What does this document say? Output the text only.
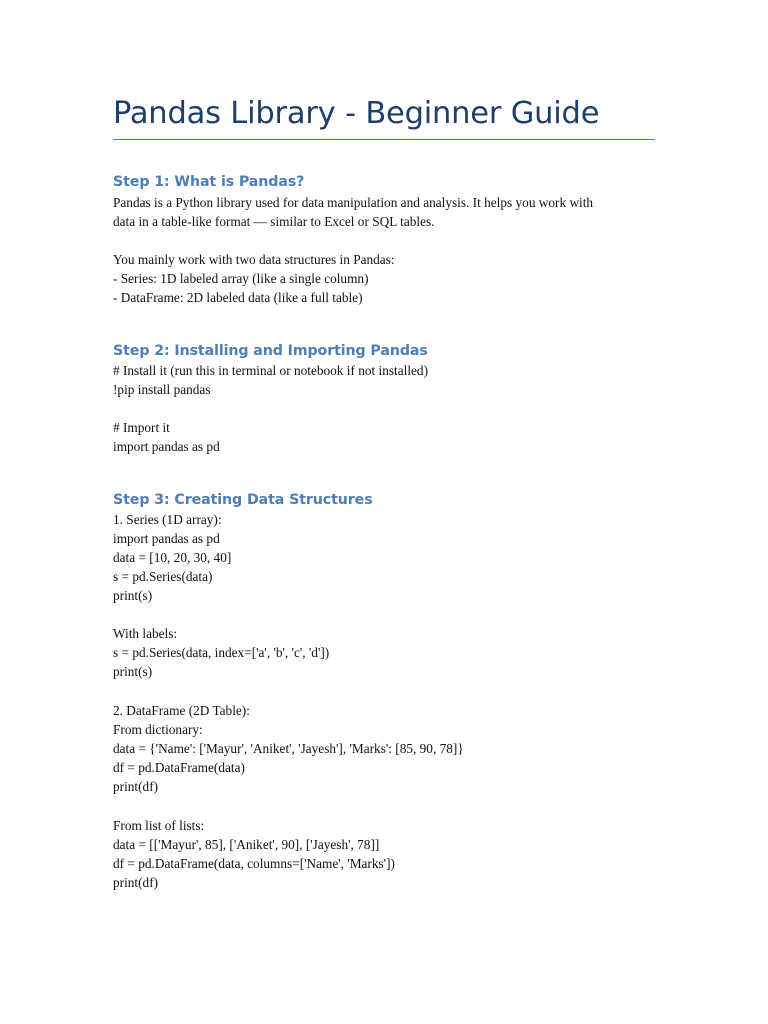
Pandas Library - Beginner Guide
Step 1: What is Pandas?
Pandas is a Python library used for data manipulation and analysis. It helps you work with
data in a table-like format — similar to Excel or SQL tables.
You mainly work with two data structures in Pandas:
- Series: 1D labeled array (like a single column)
- DataFrame: 2D labeled data (like a full table)
Step 2: Installing and Importing Pandas
# Install it (run this in terminal or notebook if not installed)
!pip install pandas
# Import it
import pandas as pd
Step 3: Creating Data Structures
1. Series (1D array):
import pandas as pd
data = [10, 20, 30, 40]
s = pd.Series(data)
print(s)
With labels:
s = pd.Series(data, index=['a', 'b', 'c', 'd'])
print(s)
2. DataFrame (2D Table):
From dictionary:
data = {'Name': ['Mayur', 'Aniket', 'Jayesh'], 'Marks': [85, 90, 78]}
df = pd.DataFrame(data)
print(df)
From list of lists:
data = [['Mayur', 85], ['Aniket', 90], ['Jayesh', 78]]
df = pd.DataFrame(data, columns=['Name', 'Marks'])
print(df)
